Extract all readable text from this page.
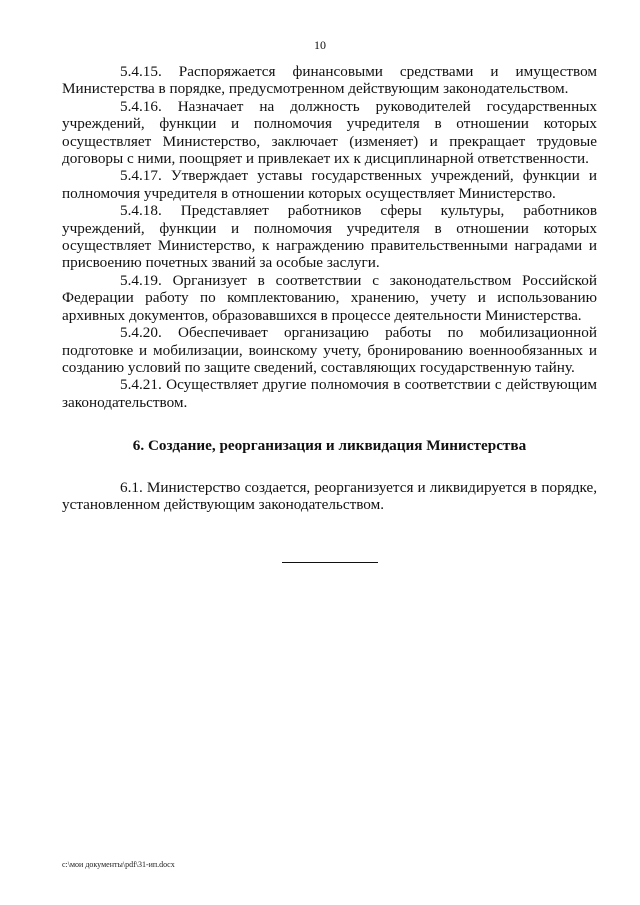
10

5.4.15. Распоряжается финансовыми средствами и имуществом Министерства в порядке, предусмотренном действующим законодательством.

5.4.16. Назначает на должность руководителей государственных учреждений, функции и полномочия учредителя в отношении которых осуществляет Министерство, заключает (изменяет) и прекращает трудовые договоры с ними, поощряет и привлекает их к дисциплинарной ответственности.

5.4.17. Утверждает уставы государственных учреждений, функции и полномочия учредителя в отношении которых осуществляет Министерство.

5.4.18. Представляет работников сферы культуры, работников учреждений, функции и полномочия учредителя в отношении которых осуществляет Министерство, к награждению правительственными наградами и присвоению почетных званий за особые заслуги.

5.4.19. Организует в соответствии с законодательством Российской Федерации работу по комплектованию, хранению, учету и использованию архивных документов, образовавшихся в процессе деятельности Министерства.

5.4.20. Обеспечивает организацию работы по мобилизационной подготовке и мобилизации, воинскому учету, бронированию военнообязанных и созданию условий по защите сведений, составляющих государственную тайну.

5.4.21. Осуществляет другие полномочия в соответствии с действующим законодательством.

6. Создание, реорганизация и ликвидация Министерства

6.1. Министерство создается, реорганизуется и ликвидируется в порядке, установленном действующим законодательством.

c:\мои документы\pdf\31-ип.docx
